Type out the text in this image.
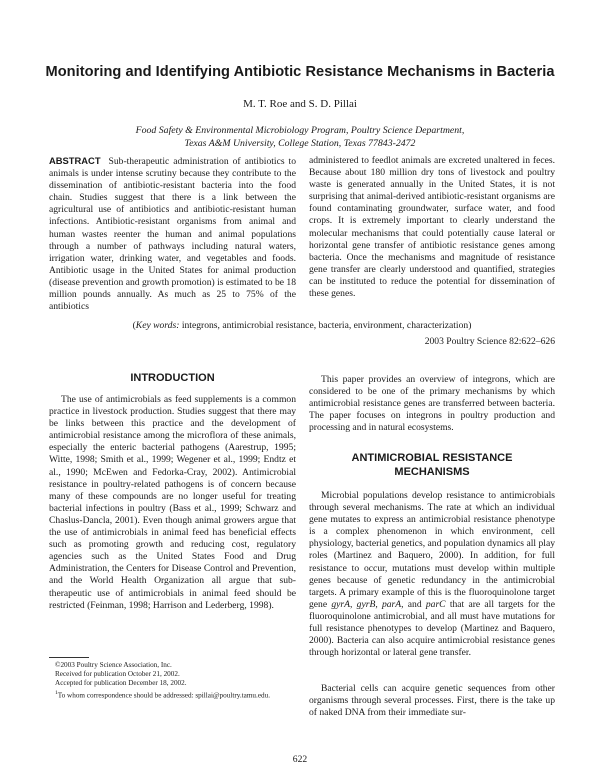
Monitoring and Identifying Antibiotic Resistance Mechanisms in Bacteria
M. T. Roe and S. D. Pillai
Food Safety & Environmental Microbiology Program, Poultry Science Department,
Texas A&M University, College Station, Texas 77843-2472
ABSTRACT Sub-therapeutic administration of antibiotics to animals is under intense scrutiny because they contribute to the dissemination of antibiotic-resistant bacteria into the food chain. Studies suggest that there is a link between the agricultural use of antibiotics and antibiotic-resistant human infections. Antibiotic-resistant organisms from animal and human wastes reenter the human and animal populations through a number of pathways including natural waters, irrigation water, drinking water, and vegetables and foods. Antibiotic usage in the United States for animal production (disease prevention and growth promotion) is estimated to be 18 million pounds annually. As much as 25 to 75% of the antibiotics
administered to feedlot animals are excreted unaltered in feces. Because about 180 million dry tons of livestock and poultry waste is generated annually in the United States, it is not surprising that animal-derived antibiotic-resistant organisms are found contaminating groundwater, surface water, and food crops. It is extremely important to clearly understand the molecular mechanisms that could potentially cause lateral or horizontal gene transfer of antibiotic resistance genes among bacteria. Once the mechanisms and magnitude of resistance gene transfer are clearly understood and quantified, strategies can be instituted to reduce the potential for dissemination of these genes.
(Key words: integrons, antimicrobial resistance, bacteria, environment, characterization)
2003 Poultry Science 82:622–626
INTRODUCTION
The use of antimicrobials as feed supplements is a common practice in livestock production. Studies suggest that there may be links between this practice and the development of antimicrobial resistance among the microflora of these animals, especially the enteric bacterial pathogens (Aarestrup, 1995; Witte, 1998; Smith et al., 1999; Wegener et al., 1999; Endtz et al., 1990; McEwen and Fedorka-Cray, 2002). Antimicrobial resistance in poultry-related pathogens is of concern because many of these compounds are no longer useful for treating bacterial infections in poultry (Bass et al., 1999; Schwarz and Chaslus-Dancla, 2001). Even though animal growers argue that the use of antimicrobials in animal feed has beneficial effects such as promoting growth and reducing cost, regulatory agencies such as the United States Food and Drug Administration, the Centers for Disease Control and Prevention, and the World Health Organization all argue that sub-therapeutic use of antimicrobials in animal feed should be restricted (Feinman, 1998; Harrison and Lederberg, 1998).
This paper provides an overview of integrons, which are considered to be one of the primary mechanisms by which antimicrobial resistance genes are transferred between bacteria. The paper focuses on integrons in poultry production and processing and in natural ecosystems.
ANTIMICROBIAL RESISTANCE
MECHANISMS
Microbial populations develop resistance to antimicrobials through several mechanisms. The rate at which an individual gene mutates to express an antimicrobial resistance phenotype is a complex phenomenon in which environment, cell physiology, bacterial genetics, and population dynamics all play roles (Martinez and Baquero, 2000). In addition, for full resistance to occur, mutations must develop within multiple genes because of genetic redundancy in the antimicrobial targets. A primary example of this is the fluoroquinolone target gene gyrA, gyrB, parA, and parC that are all targets for the fluoroquinolone antimicrobial, and all must have mutations for full resistance phenotypes to develop (Martinez and Baquero, 2000). Bacteria can also acquire antimicrobial resistance genes through horizontal or lateral gene transfer.
Bacterial cells can acquire genetic sequences from other organisms through several processes. First, there is the take up of naked DNA from their immediate sur-
©2003 Poultry Science Association, Inc.
Received for publication October 21, 2002.
Accepted for publication December 18, 2002.
$^1$To whom correspondence should be addressed: spillai@poultry.tamu.edu.
622
